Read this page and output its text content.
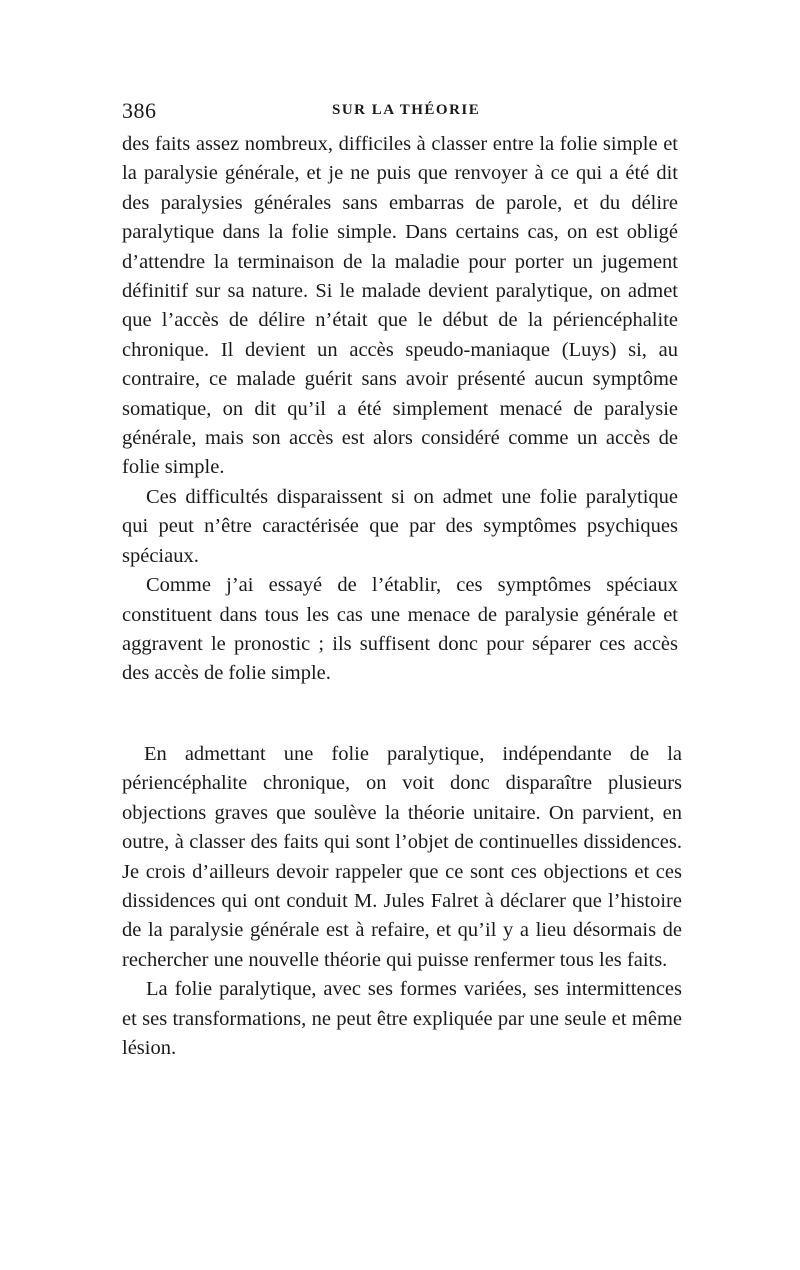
386	SUR LA THÉORIE

des faits assez nombreux, difficiles à classer entre la folie simple et la paralysie générale, et je ne puis que renvoyer à ce qui a été dit des paralysies générales sans embarras de parole, et du délire paralytique dans la folie simple. Dans certains cas, on est obligé d’attendre la terminaison de la maladie pour porter un jugement définitif sur sa nature. Si le malade devient paralytique, on admet que l’accès de délire n’était que le début de la périencéphalite chronique. Il devient un accès speudo-maniaque (Luys) si, au contraire, ce malade guérit sans avoir présenté aucun symptôme somatique, on dit qu’il a été simplement menacé de paralysie générale, mais son accès est alors considéré comme un accès de folie simple.

Ces difficultés disparaissent si on admet une folie paralytique qui peut n’être caractérisée que par des symptômes psychiques spéciaux.

Comme j’ai essayé de l’établir, ces symptômes spéciaux constituent dans tous les cas une menace de paralysie générale et aggravent le pronostic ; ils suffisent donc pour séparer ces accès des accès de folie simple.

En admettant une folie paralytique, indépendante de la périencéphalite chronique, on voit donc disparaître plusieurs objections graves que soulève la théorie unitaire. On parvient, en outre, à classer des faits qui sont l’objet de continuelles dissidences. Je crois d’ailleurs devoir rappeler que ce sont ces objections et ces dissidences qui ont conduit M. Jules Falret à déclarer que l’histoire de la paralysie générale est à refaire, et qu’il y a lieu désormais de rechercher une nouvelle théorie qui puisse renfermer tous les faits.

La folie paralytique, avec ses formes variées, ses intermittences et ses transformations, ne peut être expliquée par une seule et même lésion.
